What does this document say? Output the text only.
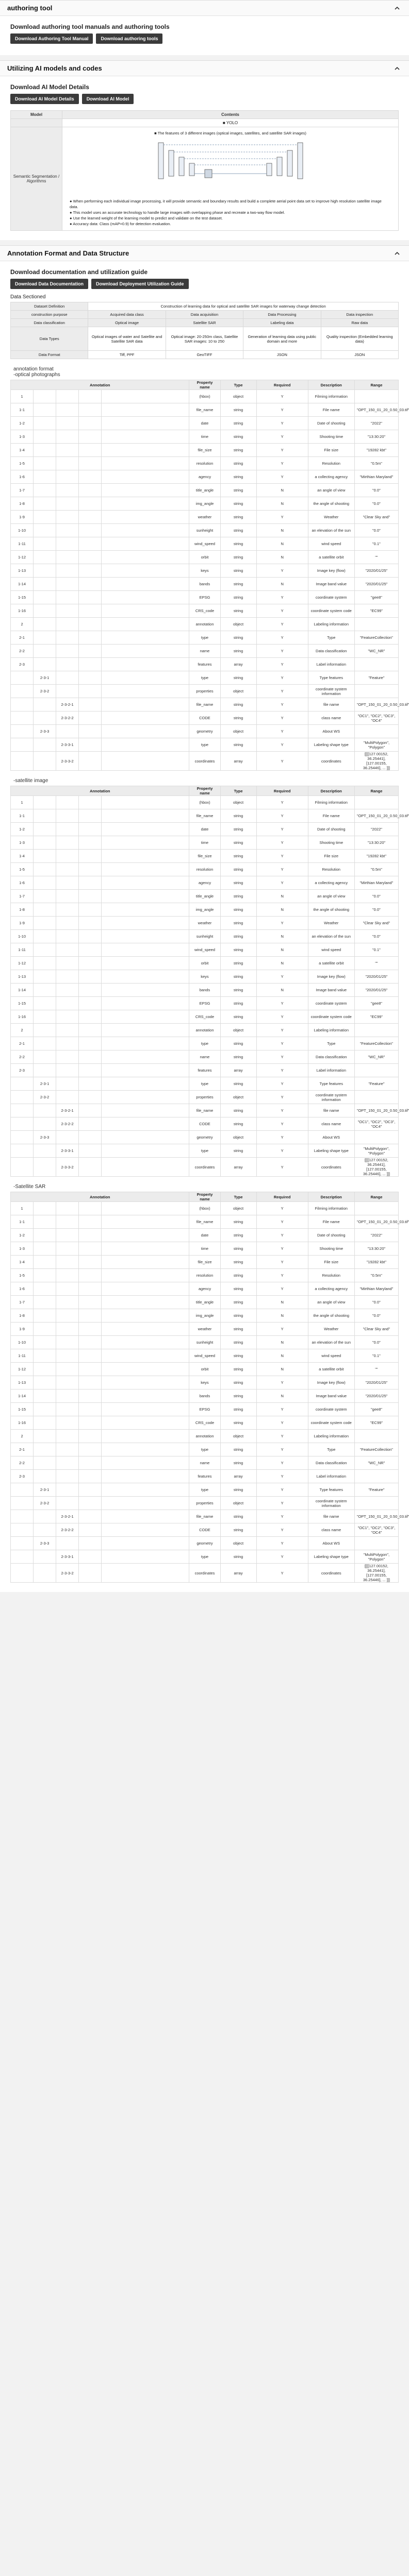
authoring tool
Download authoring tool manuals and authoring tools
Download Authoring Tool Manual	Download authoring tools
Utilizing AI models and codes
Download AI Model Details
Download AI Model Details	Download AI Model
Model	Contents
	■ YOLO
Semantic Segmentation / Algorithms	■ The features of 3 different images (optical images, satellites, and satellite SAR images)
● When performing each individual image processing, it will provide semantic and boundary results and build a complete aerial point data set to improve high resolution satellite image data.
● This model uses an accurate technology to handle large images with overlapping phase and recreate a two-way flow model.
● Use the learned weight of the learning model to predict and validate on the test dataset.
● Accuracy data: Class (mAP=0.9) for detection evaluation.
Annotation Format and Data Structure
Download documentation and utilization guide
Download Data Documentation	Download Deployment Utilization Guide
Data Sectioned
Dataset Definition	Construction of learning data for optical and satellite SAR images for waterway change detection			
construction purpose	Acquired data class	Data acquisition	Data Processing	Data inspection
Data classification	Optical image	Satellite SAR	Labeling data	Raw data
Data Types	Optical images of water and Satellite and Satellite SAR data	Optical image: 20-250m class, Satellite SAR images: 10 to 250	Generation of learning data using public domain and more	Quality inspection (Embedded learning data)
Data Format	Tiff, PPF	GeoTIFF	JSON	JSON
annotation format
-optical photographs
Annotation					Property name	Type	Required	Description	Range
1					(hbox)	object	Y	Filming information	
1-1					file_name	string	Y	File name	"OPT_150_01_20_0.50_03.tif"
1-2					date	string	Y	Date of shooting	"2022"
1-3					time	string	Y	Shooting time	"13:30:20"
1-4					file_size	string	Y	File size	"19282 kbt"
1-5					resolution	string	Y	Resolution	"0.5m"
1-6					agency	string	Y	a collecting agency	"Mirthian Maryland"
1-7					title_angle	string	N	an angle of view	"0.0"
1-8					img_angle	string	N	the angle of shooting	"0.0"
1-9					weather	string	Y	Weather	"Clear Sky and"
1-10					sunheight	string	N	an elevation of the sun	"0.0"
1-11					wind_speed	string	N	wind speed	"0.1"
1-12					orbit	string	N	a satellite orbit	""
1-13					keys	string	Y	Image key (flow)	"2020/01/25"
1-14					bands	string	N	Image band value	"2020/01/25"
1-15					EPSG	string	Y	coordinate system	"gee8"
1-16					CRS_code	string	Y	coordinate system code	"EC99"
2					annotation	object	Y	Labeling information	
2-1					type	string	Y	Type	"FeatureCollection"
2-2					name	string	Y	Data classification	"WC_NR"
2-3					features	array	Y	Label information	
	2-3-1				type	string	Y	Type features	"Feature"
	2-3-2				properties	object	Y	coordinate system information	
		2-3-2-1			file_name	string	Y	file name	"OPT_150_01_20_0.50_03.tif"
		2-3-2-2			CODE	string	Y	class name	"OC1", "OC2", "OC3", "OC4"
	2-3-3				geometry	object	Y	About WS	
		2-3-3-1			type	string	Y	Labeling shape type	"MultiPolygon", "Polygon"
		2-3-3-2			coordinates	array	Y	coordinates	[[[[127.00152, 36.25441], [127.00155, 36.25446], ... ]]]
-satellite image
Annotation					Property name	Type	Required	Description	Range
1					(hbox)	object	Y	Filming information	
1-1					file_name	string	Y	File name	"OPT_150_01_20_0.50_03.tif"
1-2					date	string	Y	Date of shooting	"2022"
1-3					time	string	Y	Shooting time	"13:30:20"
1-4					file_size	string	Y	File size	"19282 kbt"
1-5					resolution	string	Y	Resolution	"0.5m"
1-6					agency	string	Y	a collecting agency	"Mirthian Maryland"
1-7					title_angle	string	N	an angle of view	"0.0"
1-8					img_angle	string	N	the angle of shooting	"0.0"
1-9					weather	string	Y	Weather	"Clear Sky and"
1-10					sunheight	string	N	an elevation of the sun	"0.0"
1-11					wind_speed	string	N	wind speed	"0.1"
1-12					orbit	string	N	a satellite orbit	""
1-13					keys	string	Y	Image key (flow)	"2020/01/25"
1-14					bands	string	N	Image band value	"2020/01/25"
1-15					EPSG	string	Y	coordinate system	"gee8"
1-16					CRS_code	string	Y	coordinate system code	"EC99"
2					annotation	object	Y	Labeling information	
2-1					type	string	Y	Type	"FeatureCollection"
2-2					name	string	Y	Data classification	"WC_NR"
2-3					features	array	Y	Label information	
	2-3-1				type	string	Y	Type features	"Feature"
	2-3-2				properties	object	Y	coordinate system information	
		2-3-2-1			file_name	string	Y	file name	"OPT_150_01_20_0.50_03.tif"
		2-3-2-2			CODE	string	Y	class name	"OC1", "OC2", "OC3", "OC4"
	2-3-3				geometry	object	Y	About WS	
		2-3-3-1			type	string	Y	Labeling shape type	"MultiPolygon", "Polygon"
		2-3-3-2			coordinates	array	Y	coordinates	[[[[127.00152, 36.25441], [127.00155, 36.25446], ... ]]]
-Satellite SAR
Annotation					Property name	Type	Required	Description	Range
1					(hbox)	object	Y	Filming information	
1-1					file_name	string	Y	File name	"OPT_150_01_20_0.50_03.tif"
1-2					date	string	Y	Date of shooting	"2022"
1-3					time	string	Y	Shooting time	"13:30:20"
1-4					file_size	string	Y	File size	"19282 kbt"
1-5					resolution	string	Y	Resolution	"0.5m"
1-6					agency	string	Y	a collecting agency	"Mirthian Maryland"
1-7					title_angle	string	N	an angle of view	"0.0"
1-8					img_angle	string	N	the angle of shooting	"0.0"
1-9					weather	string	Y	Weather	"Clear Sky and"
1-10					sunheight	string	N	an elevation of the sun	"0.0"
1-11					wind_speed	string	N	wind speed	"0.1"
1-12					orbit	string	N	a satellite orbit	""
1-13					keys	string	Y	Image key (flow)	"2020/01/25"
1-14					bands	string	N	Image band value	"2020/01/25"
1-15					EPSG	string	Y	coordinate system	"gee8"
1-16					CRS_code	string	Y	coordinate system code	"EC99"
2					annotation	object	Y	Labeling information	
2-1					type	string	Y	Type	"FeatureCollection"
2-2					name	string	Y	Data classification	"WC_NR"
2-3					features	array	Y	Label information	
	2-3-1				type	string	Y	Type features	"Feature"
	2-3-2				properties	object	Y	coordinate system information	
		2-3-2-1			file_name	string	Y	file name	"OPT_150_01_20_0.50_03.tif"
		2-3-2-2			CODE	string	Y	class name	"OC1", "OC2", "OC3", "OC4"
	2-3-3				geometry	object	Y	About WS	
		2-3-3-1			type	string	Y	Labeling shape type	"MultiPolygon", "Polygon"
		2-3-3-2			coordinates	array	Y	coordinates	[[[[127.00152, 36.25441], [127.00155, 36.25446], ... ]]]
